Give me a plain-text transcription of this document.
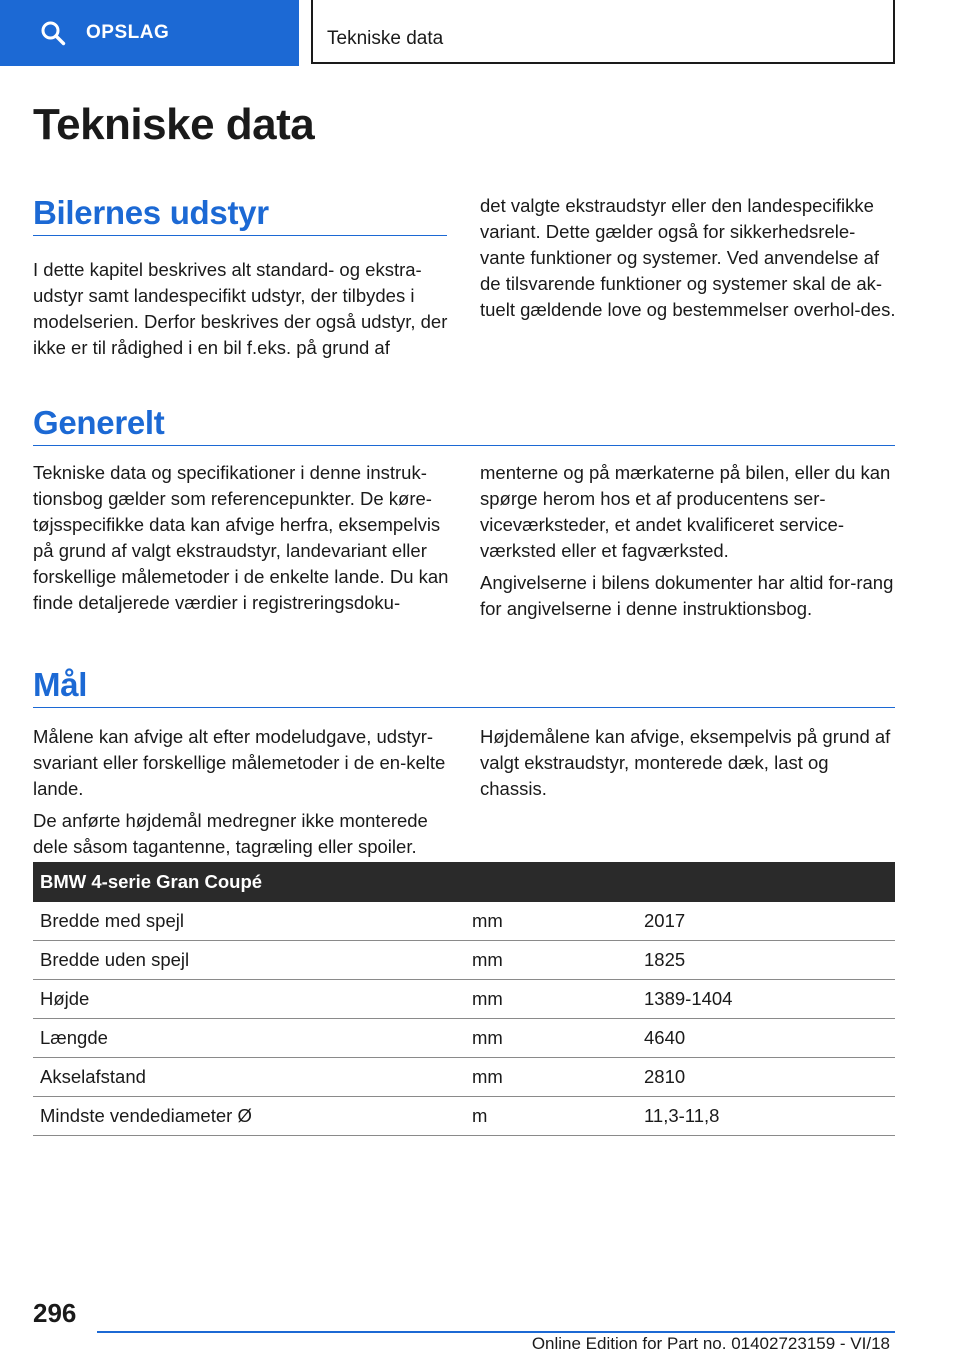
OPSLAG	Tekniske data
Tekniske data
Bilernes udstyr

I dette kapitel beskrives alt standard- og ekstra-udstyr samt landespecifikt udstyr, der tilbydes i modelserien. Derfor beskrives der også udstyr, der ikke er til rådighed i en bil f.eks. på grund af

det valgte ekstraudstyr eller den landespecifikke variant. Dette gælder også for sikkerhedsrele-vante funktioner og systemer. Ved anvendelse af de tilsvarende funktioner og systemer skal de ak-tuelt gældende love og bestemmelser overhol-des.

Generelt

Tekniske data og specifikationer i denne instruk-tionsbog gælder som referencepunkter. De køre-tøjsspecifikke data kan afvige herfra, eksempelvis på grund af valgt ekstraudstyr, landevariant eller forskellige målemetoder i de enkelte lande. Du kan finde detaljerede værdier i registreringsdoku-

menterne og på mærkaterne på bilen, eller du kan spørge herom hos et af producentens ser-viceværksteder, et andet kvalificeret service-værksted eller et fagværksted.

Angivelserne i bilens dokumenter har altid for-rang for angivelserne i denne instruktionsbog.

Mål

Målene kan afvige alt efter modeludgave, udstyr-svariant eller forskellige målemetoder i de en-kelte lande.

De anførte højdemål medregner ikke monterede dele såsom tagantenne, tagræling eller spoiler.

Højdemålene kan afvige, eksempelvis på grund af valgt ekstraudstyr, monterede dæk, last og chassis.

BMW 4-serie Gran Coupé		
Bredde med spejl	mm	2017
Bredde uden spejl	mm	1825
Højde	mm	1389-1404
Længde	mm	4640
Akselafstand	mm	2810
Mindste vendediameter Ø	m	11,3-11,8
296
Online Edition for Part no. 01402723159 - VI/18
